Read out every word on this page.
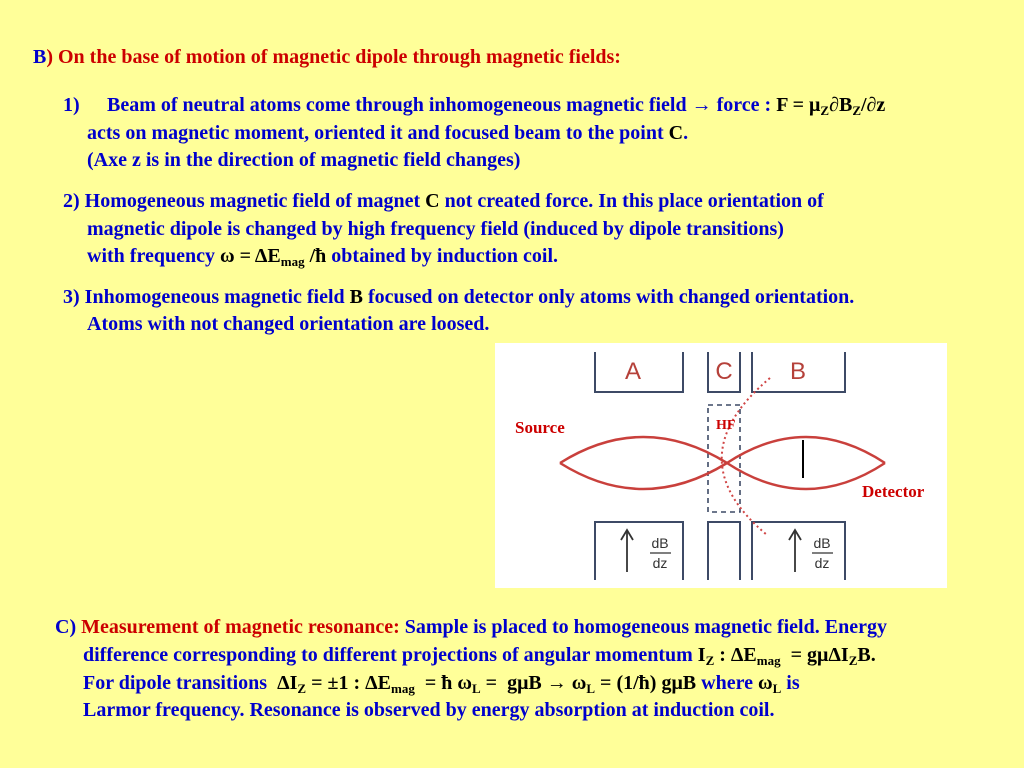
B) On the base of motion of magnetic dipole through magnetic fields:
1) Beam of neutral atoms come through inhomogeneous magnetic field → force : $F = \mu_Z\partial B_Z/\partial z$
acts on magnetic moment, oriented it and focused beam to the point C.
(Axe z is in the direction of magnetic field changes)
2) Homogeneous magnetic field of magnet C not created force. In this place orientation of
magnetic dipole is changed by high frequency field (induced by dipole transitions)
with frequency $\omega = \Delta E_{mag}$ /ħ obtained by induction coil.
3) Inhomogeneous magnetic field B focused on detector only atoms with changed orientation.
Atoms with not changed orientation are loosed.
A	C B
Source	HF
Detector
dB
dz
dB
dz
C) Measurement of magnetic resonance: Sample is placed to homogeneous magnetic field. Energy
difference corresponding to different projections of angular momentum $I_Z$ : $\Delta E_{mag} = g\mu\Delta I_ZB$.
For dipole transitions  $\Delta I_Z = \pm 1$ : $\Delta E_{mag}$  = ħ $\omega_L = g\mu B \to \omega_L$ = (1/ħ) gμB where $\omega_L$ is
Larmor frequency. Resonance is observed by energy absorption at induction coil.
